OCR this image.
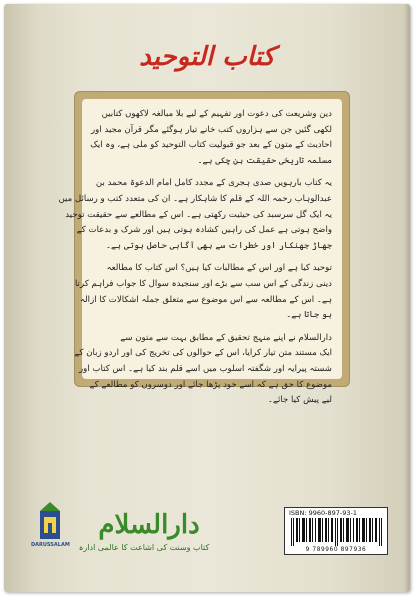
کتاب التوحید
دین وشریعت کی دعوت اور تفہیم کے لیے بلا مبالغہ لاکھوں کتابیں
لکھی گئیں جن سے ہزاروں کتب خانے تیار ہوگئے مگر قرآن مجید اور
احادیث کے متون کے بعد جو قبولیت کتاب التوحید کو ملی ہے، وہ ایک
مسلمہ تاریخی حقیقت بن چکی ہے۔
یہ کتاب بارہویں صدی ہجری کے مجدد کامل امام الدعوۃ محمد بن
عبدالوہاب رحمہ اللہ کے قلم کا شاہکار ہے۔ ان کی متعدد کتب و رسائل میں
یہ ایک گل سرسبد کی حیثیت رکھتی ہے۔ اس کے مطالعے سے حقیقت توحید
واضح ہوتی ہے عمل کی راہیں کشادہ ہوتی ہیں اور شرک و بدعات کے
جھاڑ جھنکار اور خطرات سے بھی آگاہی حاصل ہوتی ہے۔
توحید کیا ہے اور اس کے مطالبات کیا ہیں؟ اس کتاب کا مطالعہ
دینی زندگی کے اس سب سے بڑے اور سنجیدہ سوال کا جواب فراہم کرتا
ہے۔ اس کے مطالعہ سے اس موضوع سے متعلق جملہ اشکالات کا ازالہ
ہو جاتا ہے۔
دارالسلام نے اپنے منہج تحقیق کے مطابق بہت سے متون سے
ایک مستند متن تیار کرایا، اس کے حوالوں کی تخریج کی اور اردو زبان کے
شستہ پیرایہ اور شگفتہ اسلوب میں اسے قلم بند کیا ہے۔ اس کتاب اور
موضوع کا حق ہے کہ اسے خود پڑھا جائے اور دوسروں کو مطالعے کے
لیے پیش کیا جائے۔
DARUSSALAM
دارالسلام
کتاب وسنت کی اشاعت کا عالمی ادارہ
ISBN: 9960-897-93-1
9 789960 897936
